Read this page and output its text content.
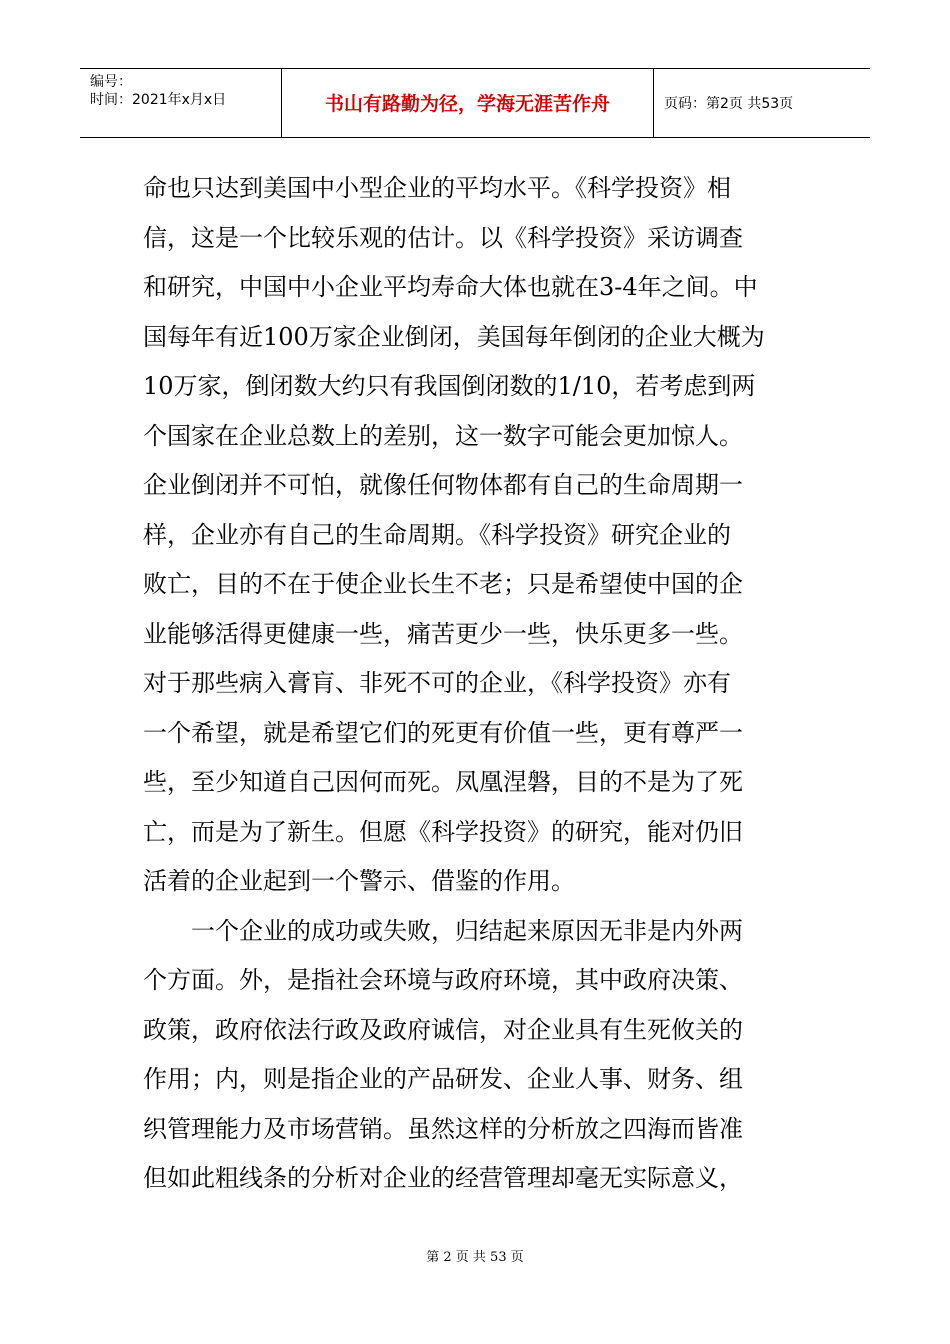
编号：
时间：2021年x月x日	书山有路勤为径，学海无涯苦作舟	页码：第2页 共53页
命也只达到美国中小型企业的平均水平。《科学投资》相
信，这是一个比较乐观的估计。以《科学投资》采访调查
和研究，中国中小企业平均寿命大体也就在3-4年之间。中
国每年有近100万家企业倒闭，美国每年倒闭的企业大概为
10万家，倒闭数大约只有我国倒闭数的1/10，若考虑到两
个国家在企业总数上的差别，这一数字可能会更加惊人。
企业倒闭并不可怕，就像任何物体都有自己的生命周期一
样，企业亦有自己的生命周期。《科学投资》研究企业的
败亡，目的不在于使企业长生不老；只是希望使中国的企
业能够活得更健康一些，痛苦更少一些，快乐更多一些。
对于那些病入膏肓、非死不可的企业，《科学投资》亦有
一个希望，就是希望它们的死更有价值一些，更有尊严一
些，至少知道自己因何而死。凤凰涅磐，目的不是为了死
亡，而是为了新生。但愿《科学投资》的研究，能对仍旧
活着的企业起到一个警示、借鉴的作用。
一个企业的成功或失败，归结起来原因无非是内外两
个方面。外，是指社会环境与政府环境，其中政府决策、
政策，政府依法行政及政府诚信，对企业具有生死攸关的
作用；内，则是指企业的产品研发、企业人事、财务、组
织管理能力及市场营销。虽然这样的分析放之四海而皆准
但如此粗线条的分析对企业的经营管理却毫无实际意义，
第 2 页 共 53 页
